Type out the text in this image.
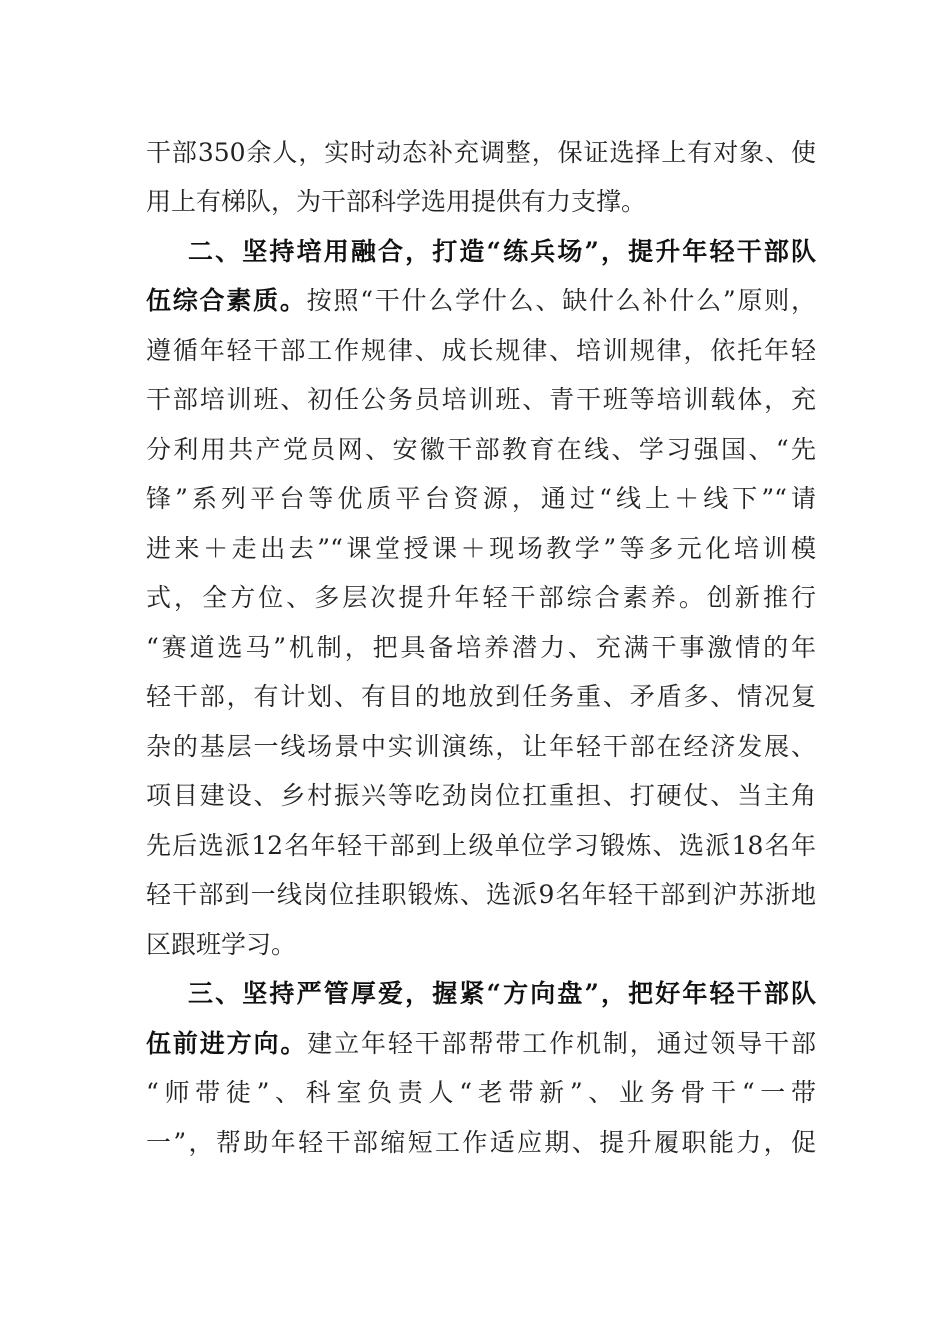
干部350余人，实时动态补充调整，保证选择上有对象、使
用上有梯队，为干部科学选用提供有力支撑。
二、坚持培用融合，打造“练兵场”，提升年轻干部队
伍综合素质。按照“干什么学什么、缺什么补什么”原则，
遵循年轻干部工作规律、成长规律、培训规律，依托年轻
干部培训班、初任公务员培训班、青干班等培训载体，充
分利用共产党员网、安徽干部教育在线、学习强国、“先
锋”系列平台等优质平台资源，通过“线上＋线下”“请
进来＋走出去”“课堂授课＋现场教学”等多元化培训模
式，全方位、多层次提升年轻干部综合素养。创新推行
“赛道选马”机制，把具备培养潜力、充满干事激情的年
轻干部，有计划、有目的地放到任务重、矛盾多、情况复
杂的基层一线场景中实训演练，让年轻干部在经济发展、
项目建设、乡村振兴等吃劲岗位扛重担、打硬仗、当主角
先后选派12名年轻干部到上级单位学习锻炼、选派18名年
轻干部到一线岗位挂职锻炼、选派9名年轻干部到沪苏浙地
区跟班学习。
三、坚持严管厚爱，握紧“方向盘”，把好年轻干部队
伍前进方向。建立年轻干部帮带工作机制，通过领导干部
“师带徒”、科室负责人“老带新”、业务骨干“一带
一”，帮助年轻干部缩短工作适应期、提升履职能力，促
